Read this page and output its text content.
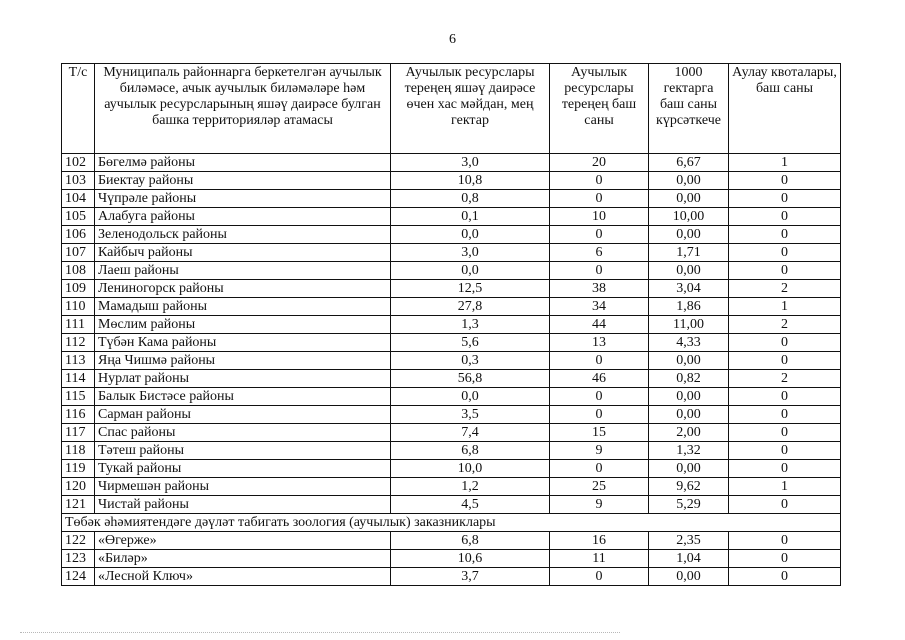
6
Т/с	Муниципаль районнарга беркетелгән аучылык биләмәсе, ачык аучылык биләмәләре һәм аучылык ресурсларының яшәү даирәсе булган башка территорияләр атамасы	Аучылык ресурслары тереңең яшәү даирәсе өчен хас мәйдан, мең гектар	Аучылык ресурслары тереңең баш саны	1000 гектарга баш саны күрсәткече	Аулау квоталары, баш саны
102	Бөгелмә районы	3,0	20	6,67	1
103	Биектау районы	10,8	0	0,00	0
104	Чүпрәле районы	0,8	0	0,00	0
105	Алабуга районы	0,1	10	10,00	0
106	Зеленодольск районы	0,0	0	0,00	0
107	Кайбыч районы	3,0	6	1,71	0
108	Лаеш районы	0,0	0	0,00	0
109	Лениногорск районы	12,5	38	3,04	2
110	Мамадыш районы	27,8	34	1,86	1
111	Мөслим районы	1,3	44	11,00	2
112	Түбән Кама районы	5,6	13	4,33	0
113	Яңа Чишмә районы	0,3	0	0,00	0
114	Нурлат районы	56,8	46	0,82	2
115	Балык Бистәсе районы	0,0	0	0,00	0
116	Сарман районы	3,5	0	0,00	0
117	Спас районы	7,4	15	2,00	0
118	Тәтеш районы	6,8	9	1,32	0
119	Тукай районы	10,0	0	0,00	0
120	Чирмешән районы	1,2	25	9,62	1
121	Чистай районы	4,5	9	5,29	0
Төбәк әһәмиятендәге дәүләт табигать зоология (аучылык) заказниклары					
122	«Өгерже»	6,8	16	2,35	0
123	«Биләр»	10,6	11	1,04	0
124	«Лесной Ключ»	3,7	0	0,00	0
